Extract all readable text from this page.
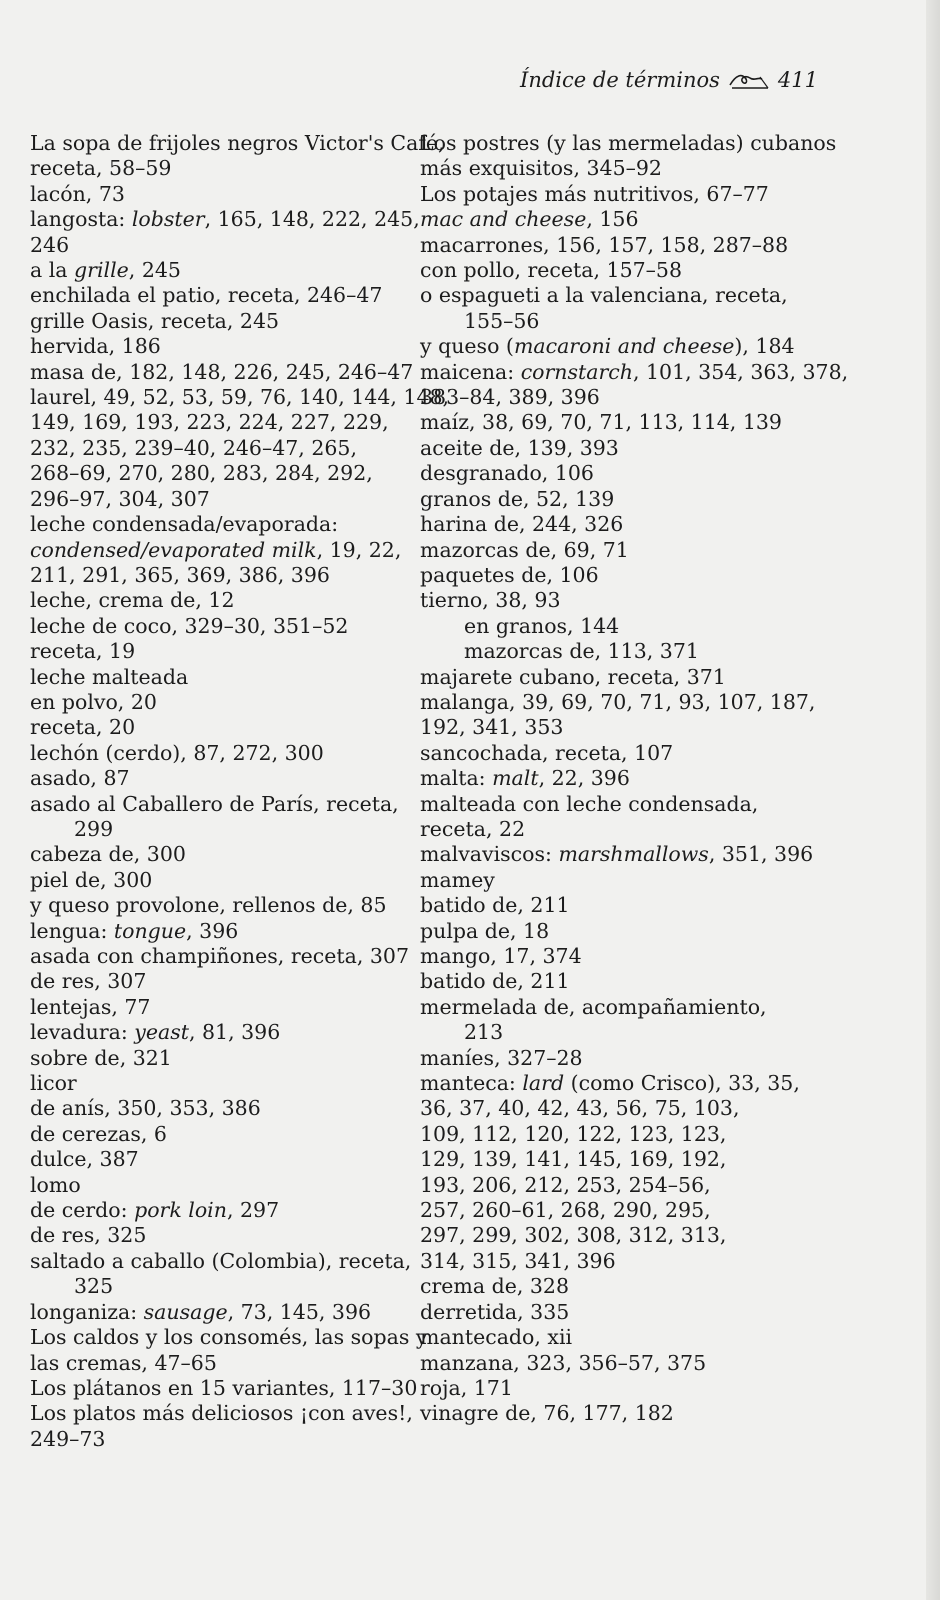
Índice de términos	411
La sopa de frijoles negros Victor's Café,
receta, 58–59
lacón, 73
langosta: lobster, 165, 148, 222, 245,
246
a la grille, 245
enchilada el patio, receta, 246–47
grille Oasis, receta, 245
hervida, 186
masa de, 182, 148, 226, 245, 246–47
laurel, 49, 52, 53, 59, 76, 140, 144, 148,
149, 169, 193, 223, 224, 227, 229,
232, 235, 239–40, 246–47, 265,
268–69, 270, 280, 283, 284, 292,
296–97, 304, 307
leche condensada/evaporada:
condensed/evaporated milk, 19, 22,
211, 291, 365, 369, 386, 396
leche, crema de, 12
leche de coco, 329–30, 351–52
receta, 19
leche malteada
en polvo, 20
receta, 20
lechón (cerdo), 87, 272, 300
asado, 87
asado al Caballero de París, receta,
299
cabeza de, 300
piel de, 300
y queso provolone, rellenos de, 85
lengua: tongue, 396
asada con champiñones, receta, 307
de res, 307
lentejas, 77
levadura: yeast, 81, 396
sobre de, 321
licor
de anís, 350, 353, 386
de cerezas, 6
dulce, 387
lomo
de cerdo: pork loin, 297
de res, 325
saltado a caballo (Colombia), receta,
325
longaniza: sausage, 73, 145, 396
Los caldos y los consomés, las sopas y
las cremas, 47–65
Los plátanos en 15 variantes, 117–30
Los platos más deliciosos ¡con aves!,
249–73
Los postres (y las mermeladas) cubanos
más exquisitos, 345–92
Los potajes más nutritivos, 67–77
mac and cheese, 156
macarrones, 156, 157, 158, 287–88
con pollo, receta, 157–58
o espagueti a la valenciana, receta,
155–56
y queso (macaroni and cheese), 184
maicena: cornstarch, 101, 354, 363, 378,
383–84, 389, 396
maíz, 38, 69, 70, 71, 113, 114, 139
aceite de, 139, 393
desgranado, 106
granos de, 52, 139
harina de, 244, 326
mazorcas de, 69, 71
paquetes de, 106
tierno, 38, 93
en granos, 144
mazorcas de, 113, 371
majarete cubano, receta, 371
malanga, 39, 69, 70, 71, 93, 107, 187,
192, 341, 353
sancochada, receta, 107
malta: malt, 22, 396
malteada con leche condensada,
receta, 22
malvaviscos: marshmallows, 351, 396
mamey
batido de, 211
pulpa de, 18
mango, 17, 374
batido de, 211
mermelada de, acompañamiento,
213
maníes, 327–28
manteca: lard (como Crisco), 33, 35,
36, 37, 40, 42, 43, 56, 75, 103,
109, 112, 120, 122, 123, 123,
129, 139, 141, 145, 169, 192,
193, 206, 212, 253, 254–56,
257, 260–61, 268, 290, 295,
297, 299, 302, 308, 312, 313,
314, 315, 341, 396
crema de, 328
derretida, 335
mantecado, xii
manzana, 323, 356–57, 375
roja, 171
vinagre de, 76, 177, 182
